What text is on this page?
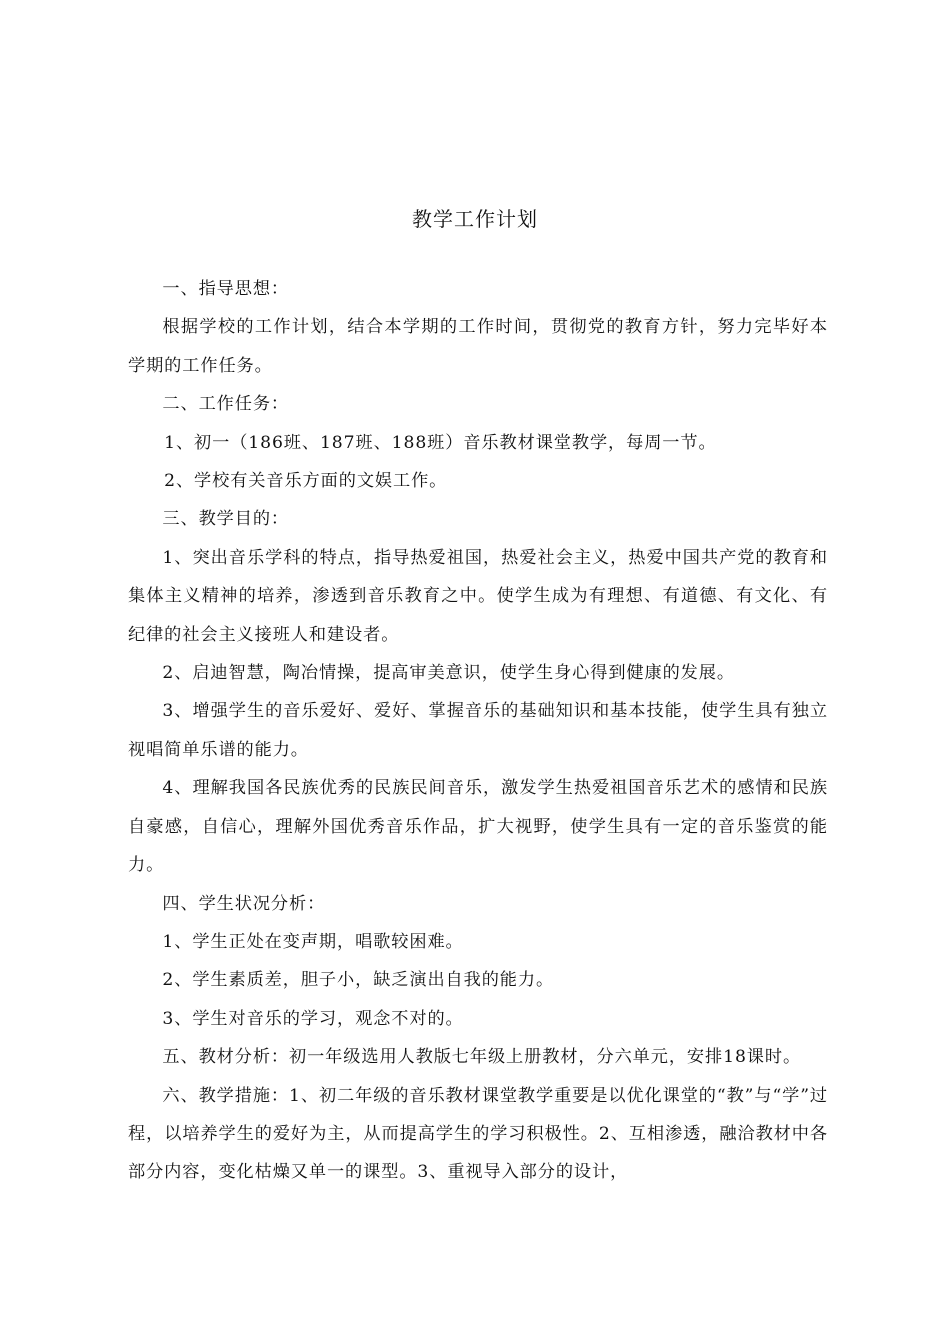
教学工作计划

一、指导思想：

根据学校的工作计划，结合本学期的工作时间，贯彻党的教育方针，努力完毕好本学期的工作任务。

二、工作任务：

1、初一（186班、187班、188班）音乐教材课堂教学，每周一节。

2、学校有关音乐方面的文娱工作。

三、教学目的：

1、突出音乐学科的特点，指导热爱祖国，热爱社会主义，热爱中国共产党的教育和集体主义精神的培养，渗透到音乐教育之中。使学生成为有理想、有道德、有文化、有纪律的社会主义接班人和建设者。

2、启迪智慧，陶冶情操，提高审美意识，使学生身心得到健康的发展。

3、增强学生的音乐爱好、爱好、掌握音乐的基础知识和基本技能，使学生具有独立视唱简单乐谱的能力。

4、理解我国各民族优秀的民族民间音乐，激发学生热爱祖国音乐艺术的感情和民族自豪感，自信心，理解外国优秀音乐作品，扩大视野，使学生具有一定的音乐鉴赏的能力。

四、学生状况分析：

1、学生正处在变声期，唱歌较困难。

2、学生素质差，胆子小，缺乏演出自我的能力。

3、学生对音乐的学习，观念不对的。

五、教材分析：初一年级选用人教版七年级上册教材，分六单元，安排18课时。

六、教学措施：1、初二年级的音乐教材课堂教学重要是以优化课堂的“教”与“学”过程，以培养学生的爱好为主，从而提高学生的学习积极性。2、互相渗透，融洽教材中各部分内容，变化枯燥又单一的课型。3、重视导入部分的设计，
